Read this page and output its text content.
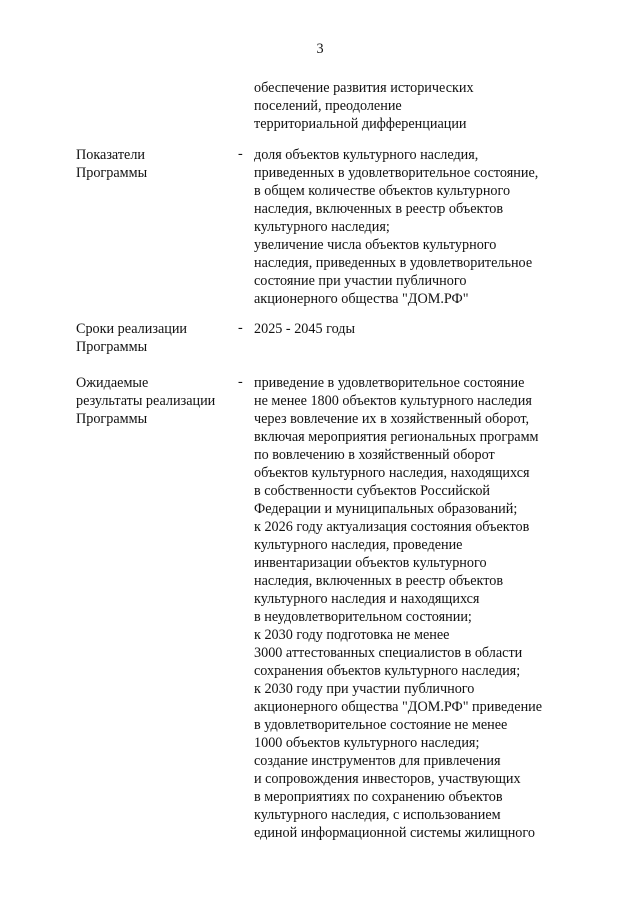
3
обеспечение развития исторических
поселений, преодоление
территориальной дифференциации
Показатели
Программы
- доля объектов культурного наследия,
приведенных в удовлетворительное состояние,
в общем количестве объектов культурного
наследия, включенных в реестр объектов
культурного наследия;
увеличение числа объектов культурного
наследия, приведенных в удовлетворительное
состояние при участии публичного
акционерного общества "ДОМ.РФ"
Сроки реализации
Программы
- 2025 - 2045 годы
Ожидаемые
результаты реализации
Программы
- приведение в удовлетворительное состояние
не менее 1800 объектов культурного наследия
через вовлечение их в хозяйственный оборот,
включая мероприятия региональных программ
по вовлечению в хозяйственный оборот
объектов культурного наследия, находящихся
в собственности субъектов Российской
Федерации и муниципальных образований;
к 2026 году актуализация состояния объектов
культурного наследия, проведение
инвентаризации объектов культурного
наследия, включенных в реестр объектов
культурного наследия и находящихся
в неудовлетворительном состоянии;
к 2030 году подготовка не менее
3000 аттестованных специалистов в области
сохранения объектов культурного наследия;
к 2030 году при участии публичного
акционерного общества "ДОМ.РФ" приведение
в удовлетворительное состояние не менее
1000 объектов культурного наследия;
создание инструментов для привлечения
и сопровождения инвесторов, участвующих
в мероприятиях по сохранению объектов
культурного наследия, с использованием
единой информационной системы жилищного
